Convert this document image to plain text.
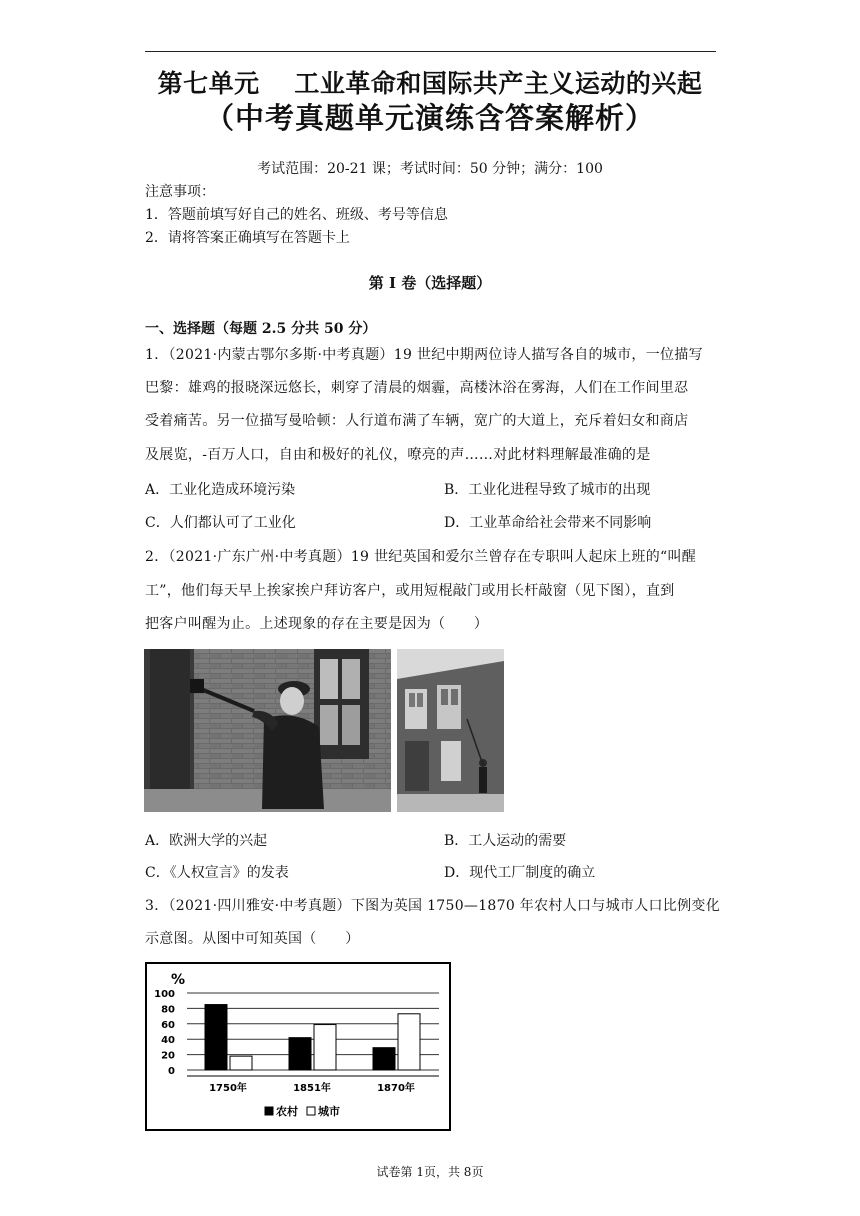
第七单元　 工业革命和国际共产主义运动的兴起
（中考真题单元演练含答案解析）
考试范围：20-21 课；考试时间：50 分钟；满分：100
注意事项：
1．答题前填写好自己的姓名、班级、考号等信息
2．请将答案正确填写在答题卡上
第 I 卷（选择题）
一、选择题（每题 2.5 分共 50 分）
1．（2021·内蒙古鄂尔多斯·中考真题）19 世纪中期两位诗人描写各自的城市，一位描写
巴黎：雄鸡的报晓深远悠长，刺穿了清晨的烟霾，高楼沐浴在雾海，人们在工作间里忍
受着痛苦。另一位描写曼哈顿：人行道布满了车辆，宽广的大道上，充斥着妇女和商店
及展览，-百万人口，自由和极好的礼仪，嘹亮的声……对此材料理解最准确的是
A．工业化造成环境污染	B．工业化进程导致了城市的出现
C．人们都认可了工业化	D．工业革命给社会带来不同影响
2．（2021·广东广州·中考真题）19 世纪英国和爱尔兰曾存在专职叫人起床上班的“叫醒
工”，他们每天早上挨家挨户拜访客户，或用短棍敲门或用长杆敲窗（见下图），直到
把客户叫醒为止。上述现象的存在主要是因为（　　）
A．欧洲大学的兴起	B．工人运动的需要
C．《人权宣言》的发表	D．现代工厂制度的确立
3．（2021·四川雅安·中考真题）下图为英国 1750—1870 年农村人口与城市人口比例变化
示意图。从图中可知英国（　　）
%
100
80
60
40
20
0
1750年	1851年	1870年
农村 城市
试卷第 1页，共 8页
